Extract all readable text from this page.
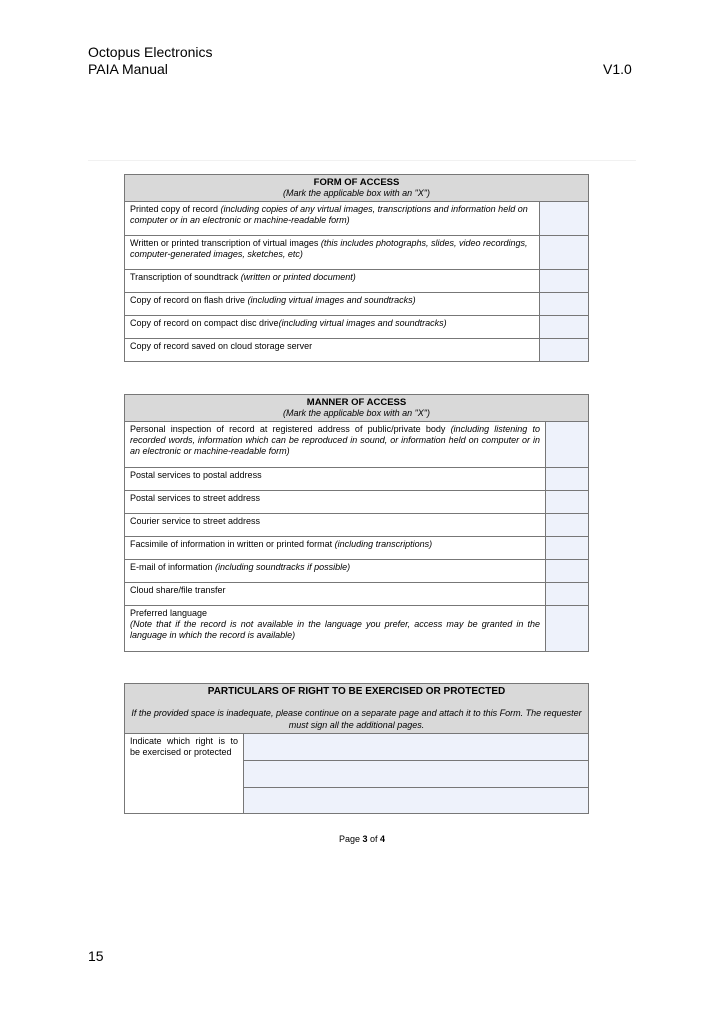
Octopus Electronics
PAIA Manual	V1.0
FORM OF ACCESS
(Mark the applicable box with an "X")	

Printed copy of record (including copies of any virtual images, transcriptions and information held on computer or in an electronic or machine-readable form)	
Written or printed transcription of virtual images (this includes photographs, slides, video recordings, computer-generated images, sketches, etc)	
Transcription of soundtrack (written or printed document)	
Copy of record on flash drive (including virtual images and soundtracks)	
Copy of record on compact disc drive(including virtual images and soundtracks)	
Copy of record saved on cloud storage server	
MANNER OF ACCESS
(Mark the applicable box with an "X")	

Personal inspection of record at registered address of public/private body (including listening to recorded words, information which can be reproduced in sound, or information held on computer or in an electronic or machine-readable form)	
Postal services to postal address	
Postal services to street address	
Courier service to street address	
Facsimile of information in written or printed format (including transcriptions)	
E-mail of information (including soundtracks if possible)	
Cloud share/file transfer	

Preferred language
(Note that if the record is not available in the language you prefer, access may be granted in the language in which the record is available)	
PARTICULARS OF RIGHT TO BE EXERCISED OR PROTECTED
If the provided space is inadequate, please continue on a separate page and attach it to this Form. The requester must sign all the additional pages.

Indicate which right is to be exercised or protected	

Page 3 of 4
15
